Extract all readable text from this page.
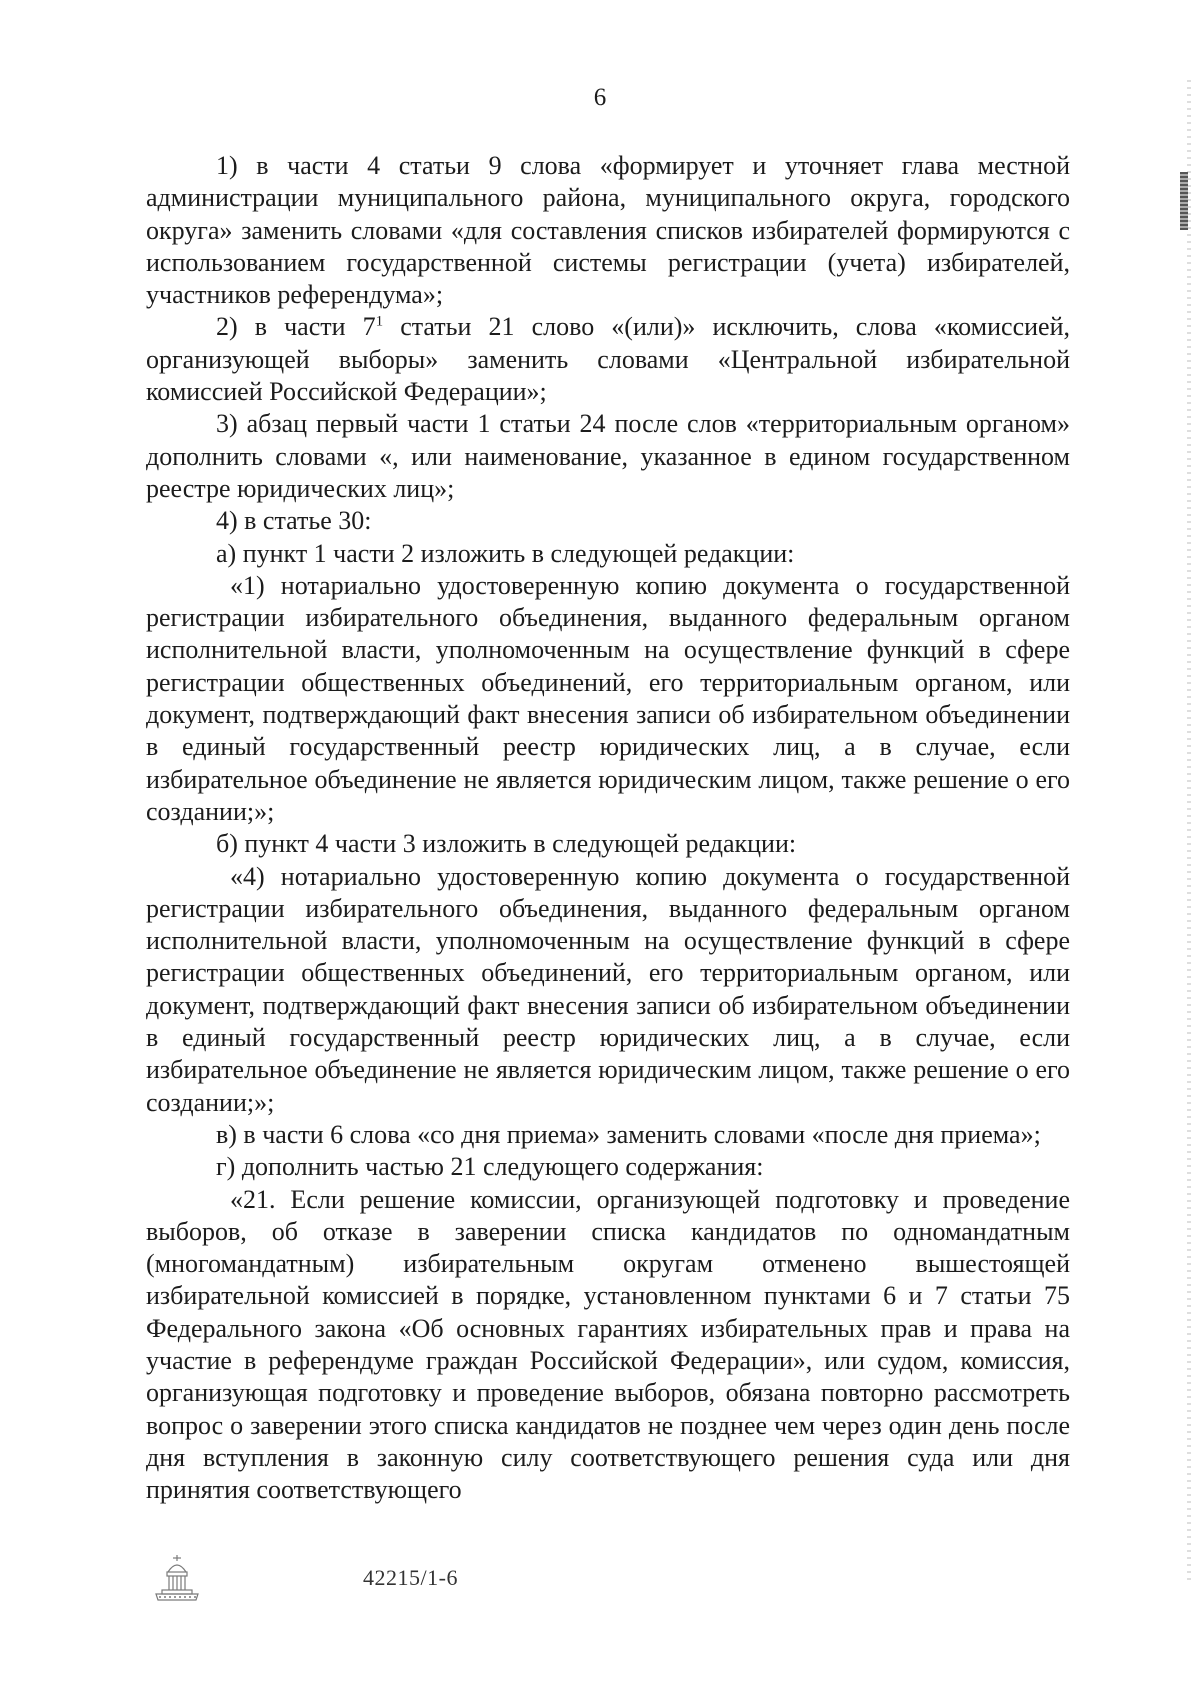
6

1) в части 4 статьи 9 слова «формирует и уточняет глава местной администрации муниципального района, муниципального округа, городского округа» заменить словами «для составления списков избирателей формируются с использованием государственной системы регистрации (учета) избирателей, участников референдума»;

2) в части $7^1$ статьи 21 слово «(или)» исключить, слова «комиссией, организующей выборы» заменить словами «Центральной избирательной комиссией Российской Федерации»;

3) абзац первый части 1 статьи 24 после слов «территориальным органом» дополнить словами «, или наименование, указанное в едином государственном реестре юридических лиц»;

4) в статье 30:

а) пункт 1 части 2 изложить в следующей редакции:

«1) нотариально удостоверенную копию документа о государственной регистрации избирательного объединения, выданного федеральным органом исполнительной власти, уполномоченным на осуществление функций в сфере регистрации общественных объединений, его территориальным органом, или документ, подтверждающий факт внесения записи об избирательном объединении в единый государственный реестр юридических лиц, а в случае, если избирательное объединение не является юридическим лицом, также решение о его создании;»;

б) пункт 4 части 3 изложить в следующей редакции:

«4) нотариально удостоверенную копию документа о государственной регистрации избирательного объединения, выданного федеральным органом исполнительной власти, уполномоченным на осуществление функций в сфере регистрации общественных объединений, его территориальным органом, или документ, подтверждающий факт внесения записи об избирательном объединении в единый государственный реестр юридических лиц, а в случае, если избирательное объединение не является юридическим лицом, также решение о его создании;»;

в) в части 6 слова «со дня приема» заменить словами «после дня приема»;

г) дополнить частью 21 следующего содержания:

«21. Если решение комиссии, организующей подготовку и проведение выборов, об отказе в заверении списка кандидатов по одномандатным (многомандатным) избирательным округам отменено вышестоящей избирательной комиссией в порядке, установленном пунктами 6 и 7 статьи 75 Федерального закона «Об основных гарантиях избирательных прав и права на участие в референдуме граждан Российской Федерации», или судом, комиссия, организующая подготовку и проведение выборов, обязана повторно рассмотреть вопрос о заверении этого списка кандидатов не позднее чем через один день после дня вступления в законную силу соответствующего решения суда или дня принятия соответствующего

42215/1-6
